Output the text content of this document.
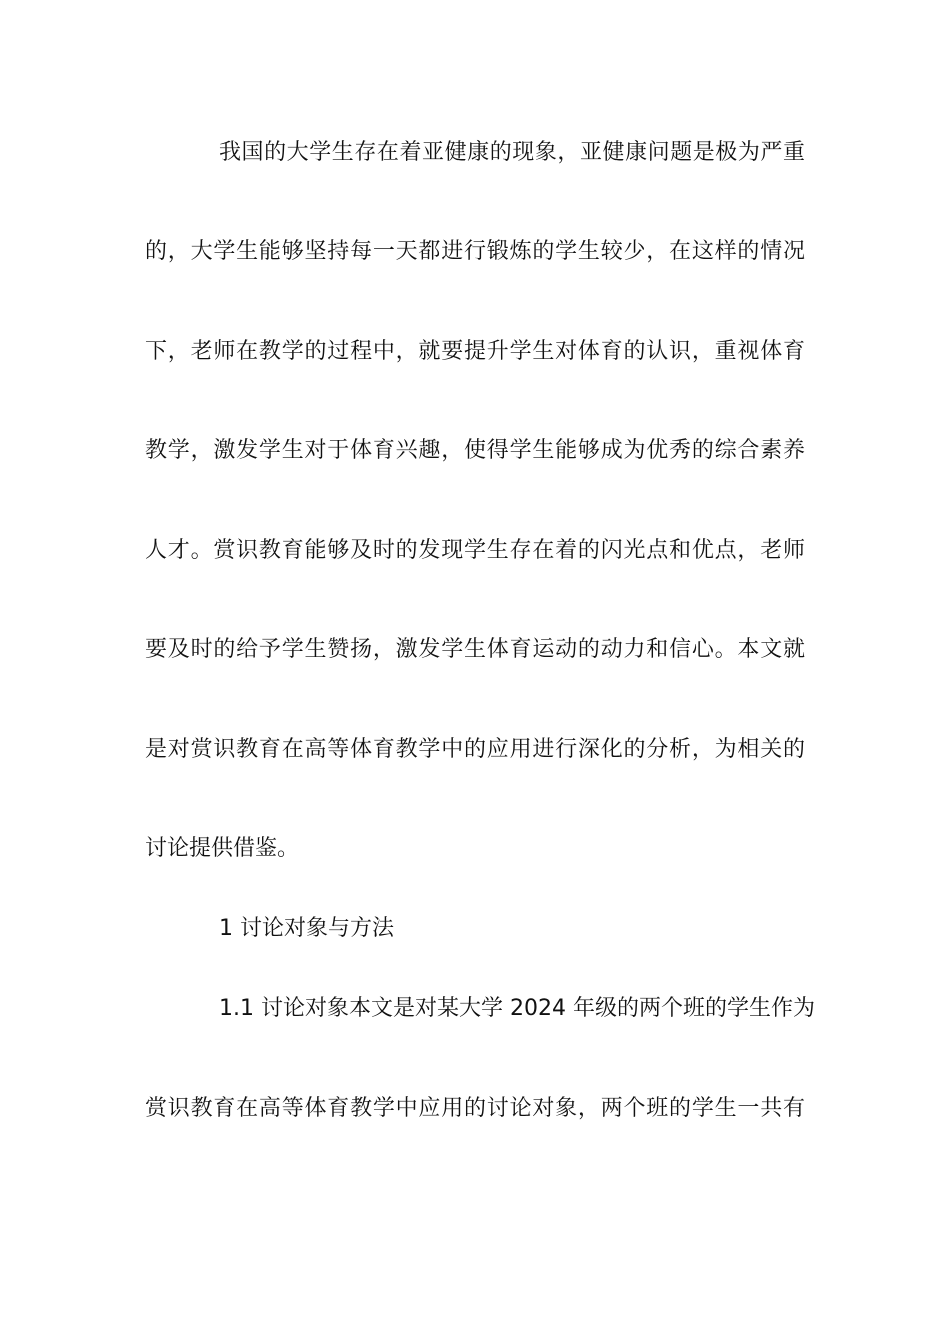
我国的大学生存在着亚健康的现象，亚健康问题是极为严重
的，大学生能够坚持每一天都进行锻炼的学生较少，在这样的情况
下，老师在教学的过程中，就要提升学生对体育的认识，重视体育
教学，激发学生对于体育兴趣，使得学生能够成为优秀的综合素养
人才。赏识教育能够及时的发现学生存在着的闪光点和优点，老师
要及时的给予学生赞扬，激发学生体育运动的动力和信心。本文就
是对赏识教育在高等体育教学中的应用进行深化的分析，为相关的
讨论提供借鉴。
1 讨论对象与方法
1.1 讨论对象本文是对某大学 2024 年级的两个班的学生作为
赏识教育在高等体育教学中应用的讨论对象，两个班的学生一共有
